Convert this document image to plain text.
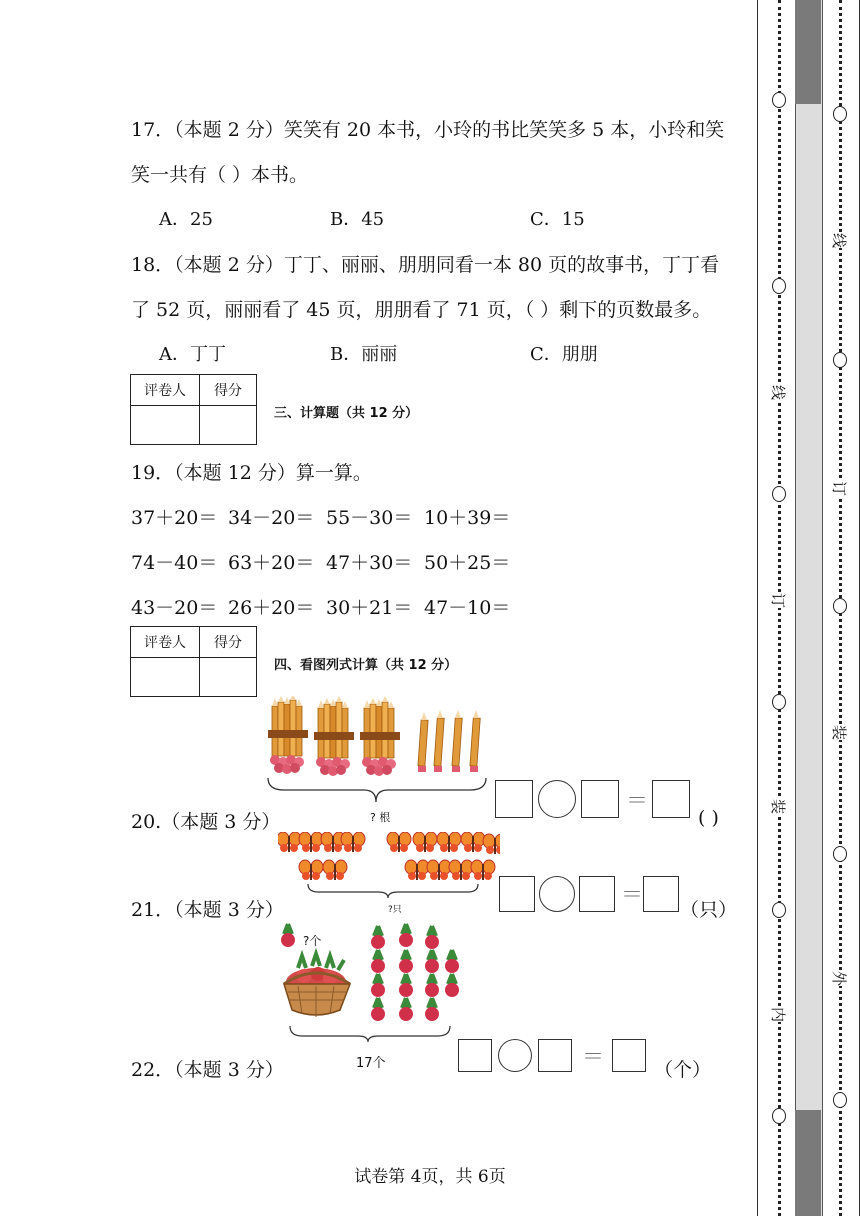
17．（本题 2 分）笑笑有 20 本书，小玲的书比笑笑多 5 本，小玲和笑
笑一共有（ ）本书。
A．25	B．45	C．15
18．（本题 2 分）丁丁、丽丽、朋朋同看一本 80 页的故事书，丁丁看
了 52 页，丽丽看了 45 页，朋朋看了 71 页，（ ）剩下的页数最多。
A．丁丁	B．丽丽	C．朋朋
评卷人	得分

三、计算题（共 12 分）
19．（本题 12 分）算一算。
37＋20＝ 34－20＝ 55－30＝ 10＋39＝
74－40＝ 63＋20＝ 47＋30＝ 50＋25＝
43－20＝ 26＋20＝ 30＋21＝ 47－10＝
评卷人	得分

四、看图列式计算（共 12 分）
? 根
20.（本题 3 分）
＝
( )
?只
21．（本题 3 分）
＝
（只）
?个
17个
22．（本题 3 分）	＝	（个）
试卷第 4页，共 6页
线
订
装
内
线
订
装
外
